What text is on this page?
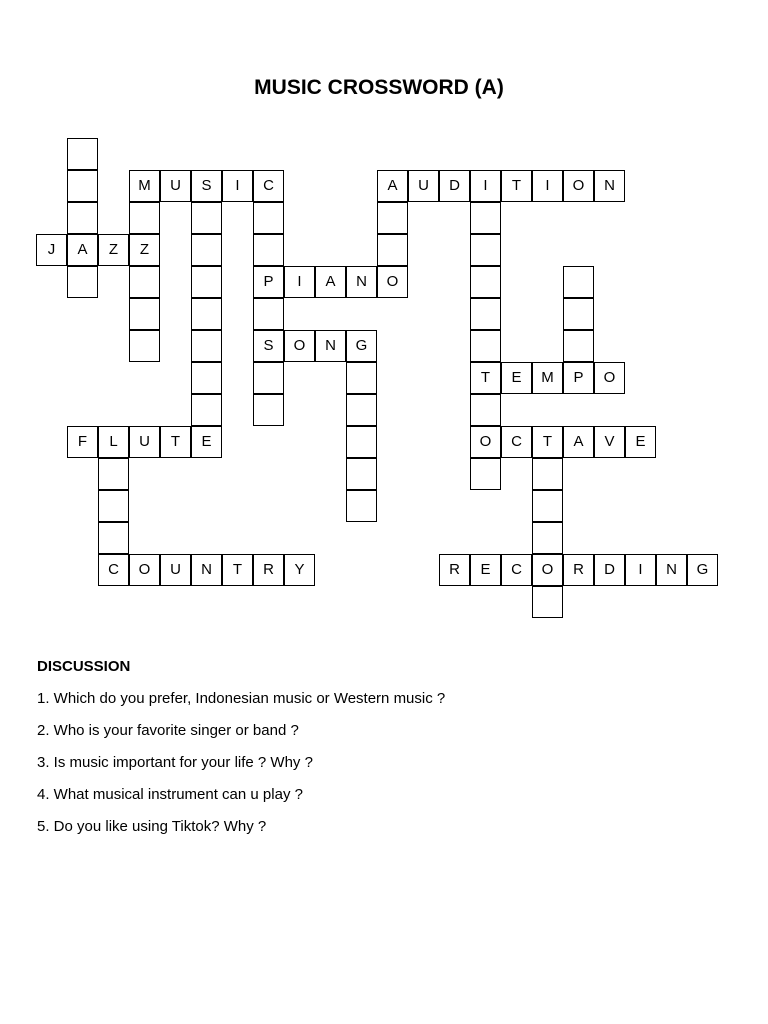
MUSIC CROSSWORD (A)
A
J	Z	Z
M	U	S	I	C
P	I	A	N	O
S	O	N	G
A	U	D	I	T	I	O	N
T
O
E	M	P	O
C	T	A	V	E
O
R	E	C	R	D	I	N	G
F	L	U	T	E
C	O	U	N	T	R	Y
DISCUSSION
1. Which do you prefer, Indonesian music or Western music ?
2. Who is your favorite singer or band ?
3. Is music important for your life ? Why ?
4. What musical instrument can u play ?
5. Do you like using Tiktok? Why ?
